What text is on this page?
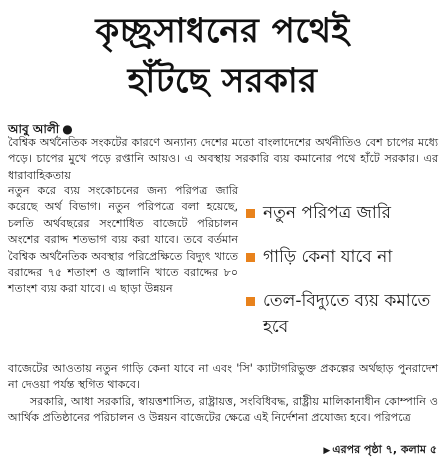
কৃচ্ছ্রসাধনের পথেই
হাঁটছে সরকার
আবু আলী ●
বৈশ্বিক অর্থনৈতিক সংকটের কারণে অন্যান্য দেশের মতো বাংলাদেশের অর্থনীতিও বেশ চাপের মধ্যে পড়ে। চাপের মুখে পড়ে রপ্তানি আয়ও। এ অবস্থায় সরকারি ব্যয় কমানোর পথে হাঁটে সরকার। এর ধারাবাহিকতায়
নতুন করে ব্যয় সংকোচনের জন্য পরিপত্র জারি করেছে অর্থ বিভাগ। নতুন পরিপত্রে বলা হয়েছে, চলতি অর্থবছরের সংশোধিত বাজেটে পরিচালন অংশের বরাদ্দ শতভাগ ব্যয় করা যাবে। তবে বর্তমান বৈশ্বিক অর্থনৈতিক অবস্থার পরিপ্রেক্ষিতে বিদ্যুৎ খাতে বরাদ্দের ৭৫ শতাংশ ও জ্বালানি খাতে বরাদ্দের ৮০ শতাংশ ব্যয় করা যাবে। এ ছাড়া উন্নয়ন
নতুন পরিপত্র জারি
গাড়ি কেনা যাবে না
তেল-বিদ্যুতে ব্যয় কমাতে হবে
বাজেটের আওতায় নতুন গাড়ি কেনা যাবে না এবং 'সি' ক্যাটাগরিভুক্ত প্রকল্পের অর্থছাড় পুনরাদেশ না দেওয়া পর্যন্ত স্থগিত থাকবে।
সরকারি, আধা সরকারি, স্বায়ত্তশাসিত, রাষ্ট্রায়ত্ত, সংবিধিবদ্ধ, রাষ্ট্রীয় মালিকানাধীন কোম্পানি ও আর্থিক প্রতিষ্ঠানের পরিচালন ও উন্নয়ন বাজেটের ক্ষেত্রে এই নির্দেশনা প্রযোজ্য হবে। পরিপত্রে
▶ এরপর পৃষ্ঠা ৭, কলাম ৫
